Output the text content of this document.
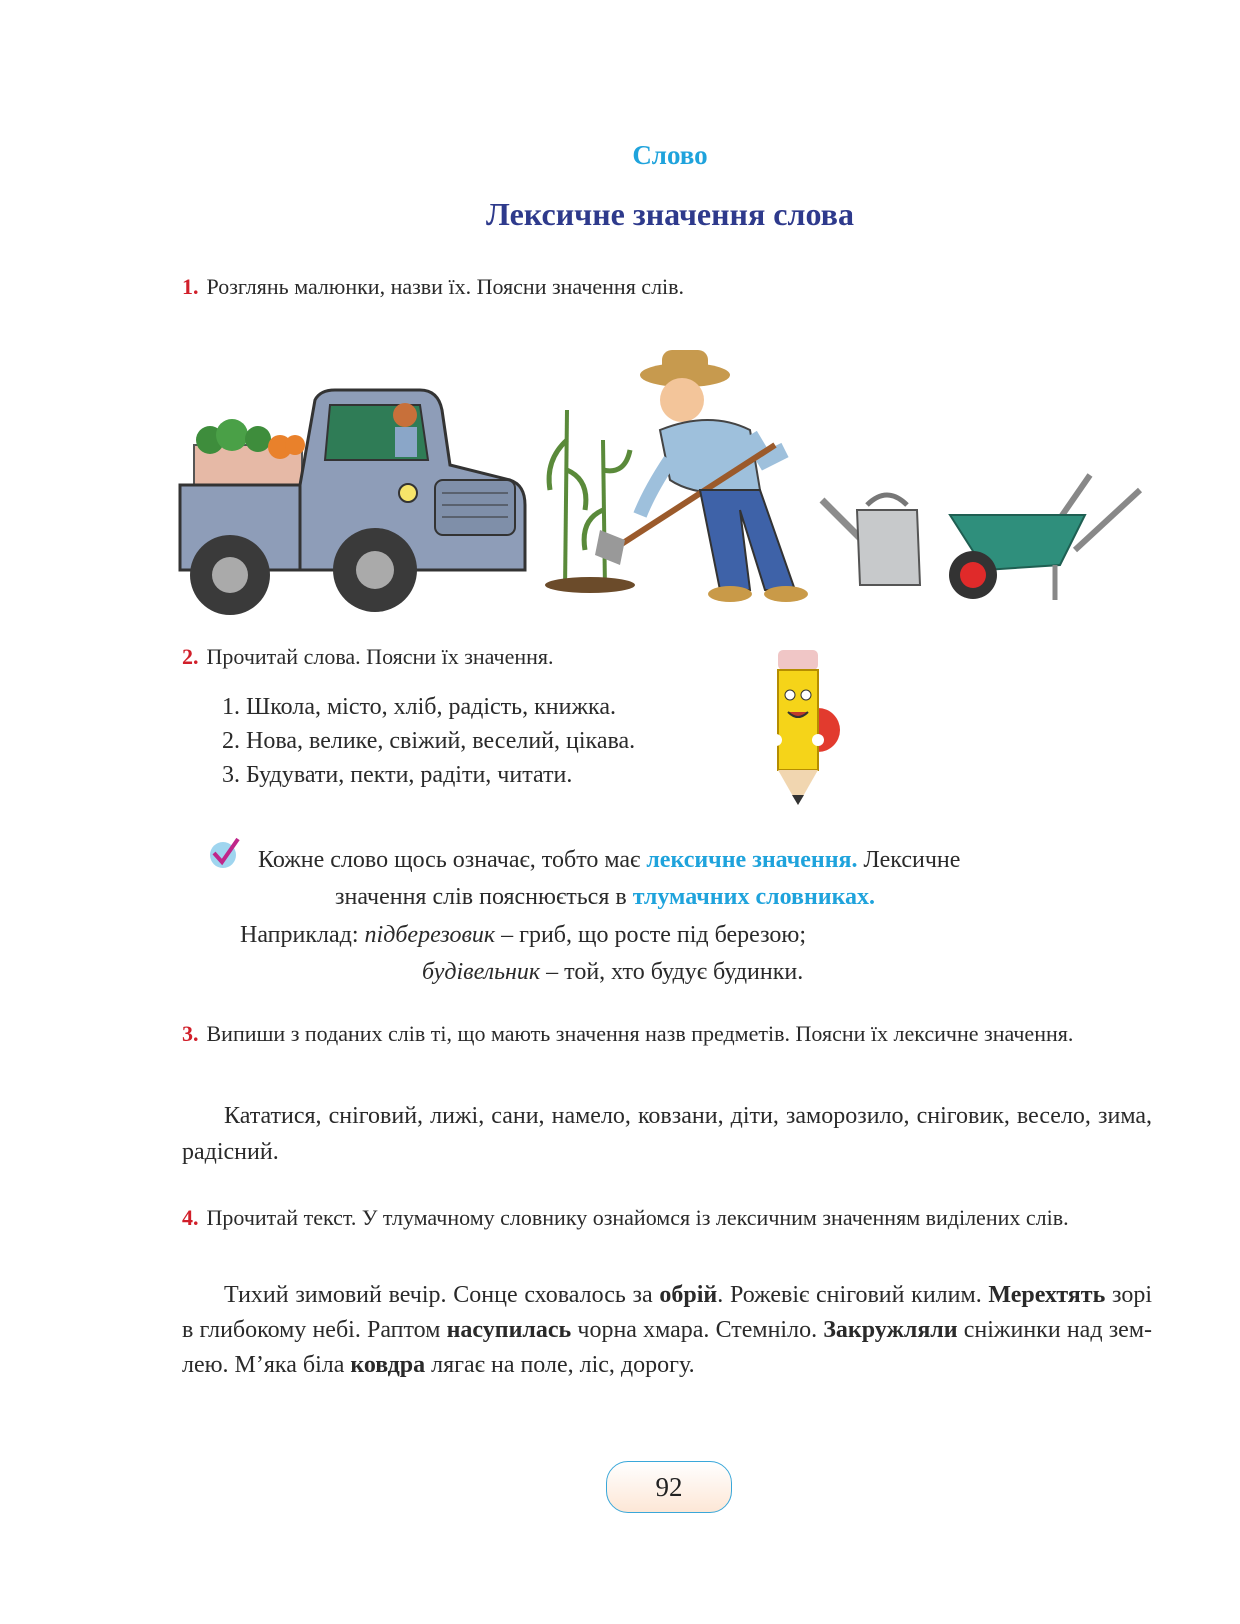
Слово
Лексичне значення слова
1. Розглянь малюнки, назви їх. Поясни значення слів.
2. Прочитай слова. Поясни їх значення.
1. Школа, місто, хліб, радість, книжка.
2. Нова, велике, свіжий, веселий, цікава.
3. Будувати, пекти, радіти, читати.
Кожне слово щось означає, тобто має лексичне значення. Лексичне
значення слів пояснюється в тлумачних словниках.
Наприклад: підберезовик – гриб, що росте під березою;
будівельник – той, хто будує будинки.
3. Випиши з поданих слів ті, що мають значення назв предметів. Поясни їх лексичне значення.
Кататися, сніговий, лижі, сани, намело, ковзани, діти, заморозило, сніговик, весело, зима, радісний.
4. Прочитай текст. У тлумачному словнику ознайомся із лексичним значенням виділених слів.
Тихий зимовий вечір. Сонце сховалось за обрій. Рожевіє сніговий килим. Мерехтять зорі в глибокому небі. Раптом насупилась чорна хмара. Стемніло. Закружляли сніжинки над зем-лею. М’яка біла ковдра лягає на поле, ліс, дорогу.
92
